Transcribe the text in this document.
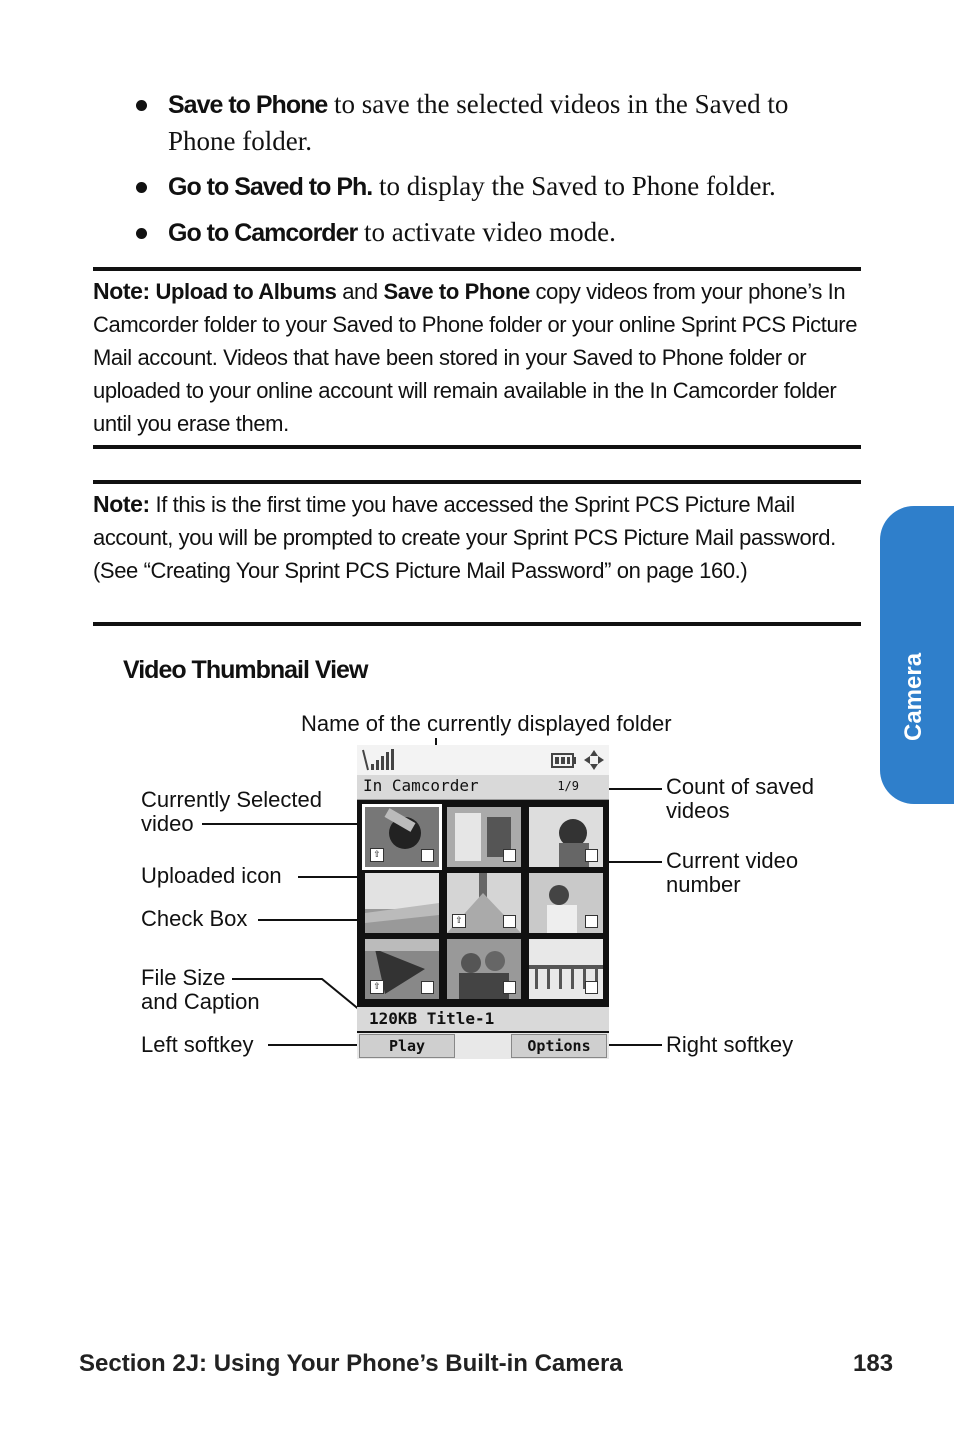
Save to Phone to save the selected videos in the Saved to Phone folder.
Go to Saved to Ph. to display the Saved to Phone folder.
Go to Camcorder to activate video mode.
Note: Upload to Albums and Save to Phone copy videos from your phone’s In Camcorder folder to your Saved to Phone folder or your online Sprint PCS Picture Mail account. Videos that have been stored in your Saved to Phone folder or uploaded to your online account will remain available in the In Camcorder folder until you erase them.
Note: If this is the first time you have accessed the Sprint PCS Picture Mail account, you will be prompted to create your Sprint PCS Picture Mail password. (See “Creating Your Sprint PCS Picture Mail Password” on page 160.)
Video Thumbnail View	Camera
Name of the currently displayed folder
Currently Selected
video
Uploaded icon
Check Box
File Size
and Caption
Left softkey
Count of saved
videos
Current video
number
Right softkey
In Camcorder	1/9
⇧
⇧
⇧
120KB Title-1
Play	Options
Section 2J: Using Your Phone’s Built-in Camera	183
